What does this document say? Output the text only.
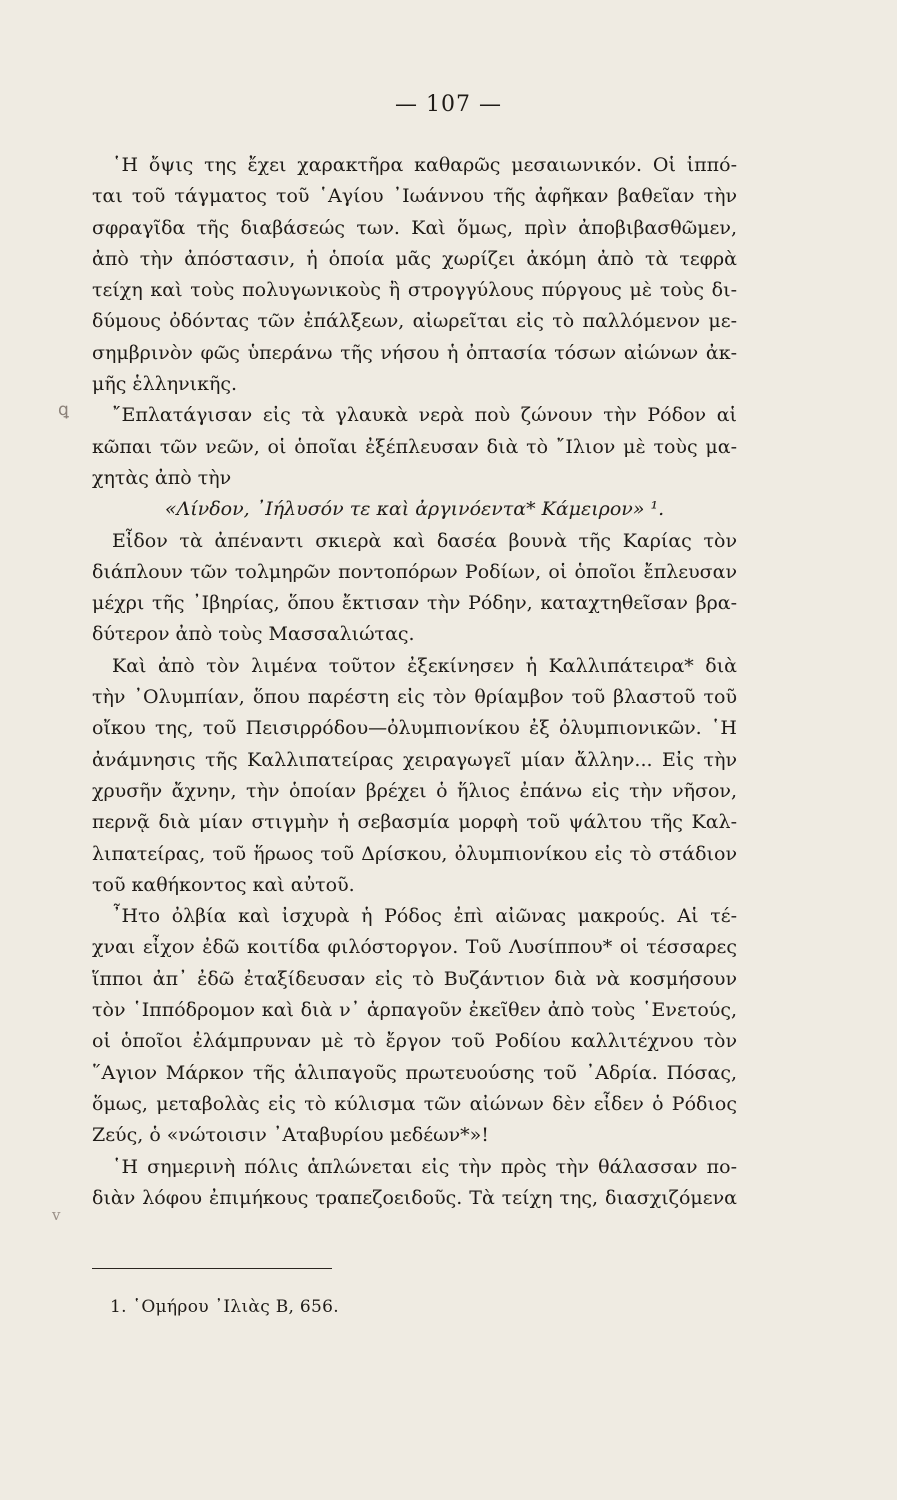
— 107 —
ꝗ
v
῾Η ὄψις της ἔχει χαρακτῆρα καθαρῶς μεσαιωνικόν. Οἱ ἱππό-
ται τοῦ τάγματος τοῦ ῾Αγίου ᾿Ιωάννου τῆς ἀφῆκαν βαθεῖαν τὴν
σφραγῖδα τῆς διαβάσεώς των. Καὶ ὅμως, πρὶν ἀποβιβασθῶμεν,
ἀπὸ τὴν ἀπόστασιν, ἡ ὁποία μᾶς χωρίζει ἀκόμη ἀπὸ τὰ τεφρὰ
τείχη καὶ τοὺς πολυγωνικοὺς ἢ στρογγύλους πύργους μὲ τοὺς δι-
δύμους ὀδόντας τῶν ἐπάλξεων, αἰωρεῖται εἰς τὸ παλλόμενον με-
σημβρινὸν φῶς ὑπεράνω τῆς νήσου ἡ ὀπτασία τόσων αἰώνων ἀκ-
μῆς ἑλληνικῆς.
῎Επλατάγισαν εἰς τὰ γλαυκὰ νερὰ ποὺ ζώνουν τὴν Ρόδον αἱ
κῶπαι τῶν νεῶν, οἱ ὁποῖαι ἐξέπλευσαν διὰ τὸ ῎Ιλιον μὲ τοὺς μα-
χητὰς ἀπὸ τὴν
«Λίνδον, ᾿Ιήλυσόν τε καὶ ἀργινόεντα* Κάμειρον» ¹.
Εἶδον τὰ ἀπέναντι σκιερὰ καὶ δασέα βουνὰ τῆς Καρίας τὸν
διάπλουν τῶν τολμηρῶν ποντοπόρων Ροδίων, οἱ ὁποῖοι ἔπλευσαν
μέχρι τῆς ᾿Ιβηρίας, ὅπου ἔκτισαν τὴν Ρόδην, καταχτηθεῖσαν βρα-
δύτερον ἀπὸ τοὺς Μασσαλιώτας.
Καὶ ἀπὸ τὸν λιμένα τοῦτον ἐξεκίνησεν ἡ Καλλιπάτειρα* διὰ
τὴν ᾿Ολυμπίαν, ὅπου παρέστη εἰς τὸν θρίαμβον τοῦ βλαστοῦ τοῦ
οἴκου της, τοῦ Πεισιρρόδου—ὀλυμπιονίκου ἐξ ὀλυμπιονικῶν. ῾Η
ἀνάμνησις τῆς Καλλιπατείρας χειραγωγεῖ μίαν ἄλλην... Εἰς τὴν
χρυσῆν ἄχνην, τὴν ὁποίαν βρέχει ὁ ἥλιος ἐπάνω εἰς τὴν νῆσον,
περνᾷ διὰ μίαν στιγμὴν ἡ σεβασμία μορφὴ τοῦ ψάλτου τῆς Καλ-
λιπατείρας, τοῦ ἥρωος τοῦ Δρίσκου, ὀλυμπιονίκου εἰς τὸ στάδιον
τοῦ καθήκοντος καὶ αὐτοῦ.
῏Ητο ὀλβία καὶ ἰσχυρὰ ἡ Ρόδος ἐπὶ αἰῶνας μακρούς. Αἱ τέ-
χναι εἶχον ἐδῶ κοιτίδα φιλόστοργον. Τοῦ Λυσίππου* οἱ τέσσαρες
ἵπποι ἀπ᾿ ἐδῶ ἐταξίδευσαν εἰς τὸ Βυζάντιον διὰ νὰ κοσμήσουν
τὸν ῾Ιππόδρομον καὶ διὰ ν᾿ ἁρπαγοῦν ἐκεῖθεν ἀπὸ τοὺς ῾Ενετούς,
οἱ ὁποῖοι ἐλάμπρυναν μὲ τὸ ἔργον τοῦ Ροδίου καλλιτέχνου τὸν
῞Αγιον Μάρκον τῆς ἁλιπαγοῦς πρωτευούσης τοῦ ᾿Αδρία. Πόσας,
ὅμως, μεταβολὰς εἰς τὸ κύλισμα τῶν αἰώνων δὲν εἶδεν ὁ Ρόδιος
Ζεύς, ὁ «νώτοισιν ᾿Αταβυρίου μεδέων*»!
῾Η σημερινὴ πόλις ἁπλώνεται εἰς τὴν πρὸς τὴν θάλασσαν πο-
διὰν λόφου ἐπιμήκους τραπεζοειδοῦς. Τὰ τείχη της, διασχιζόμενα
1. ῾Ομήρου ᾿Ιλιὰς Β, 656.
